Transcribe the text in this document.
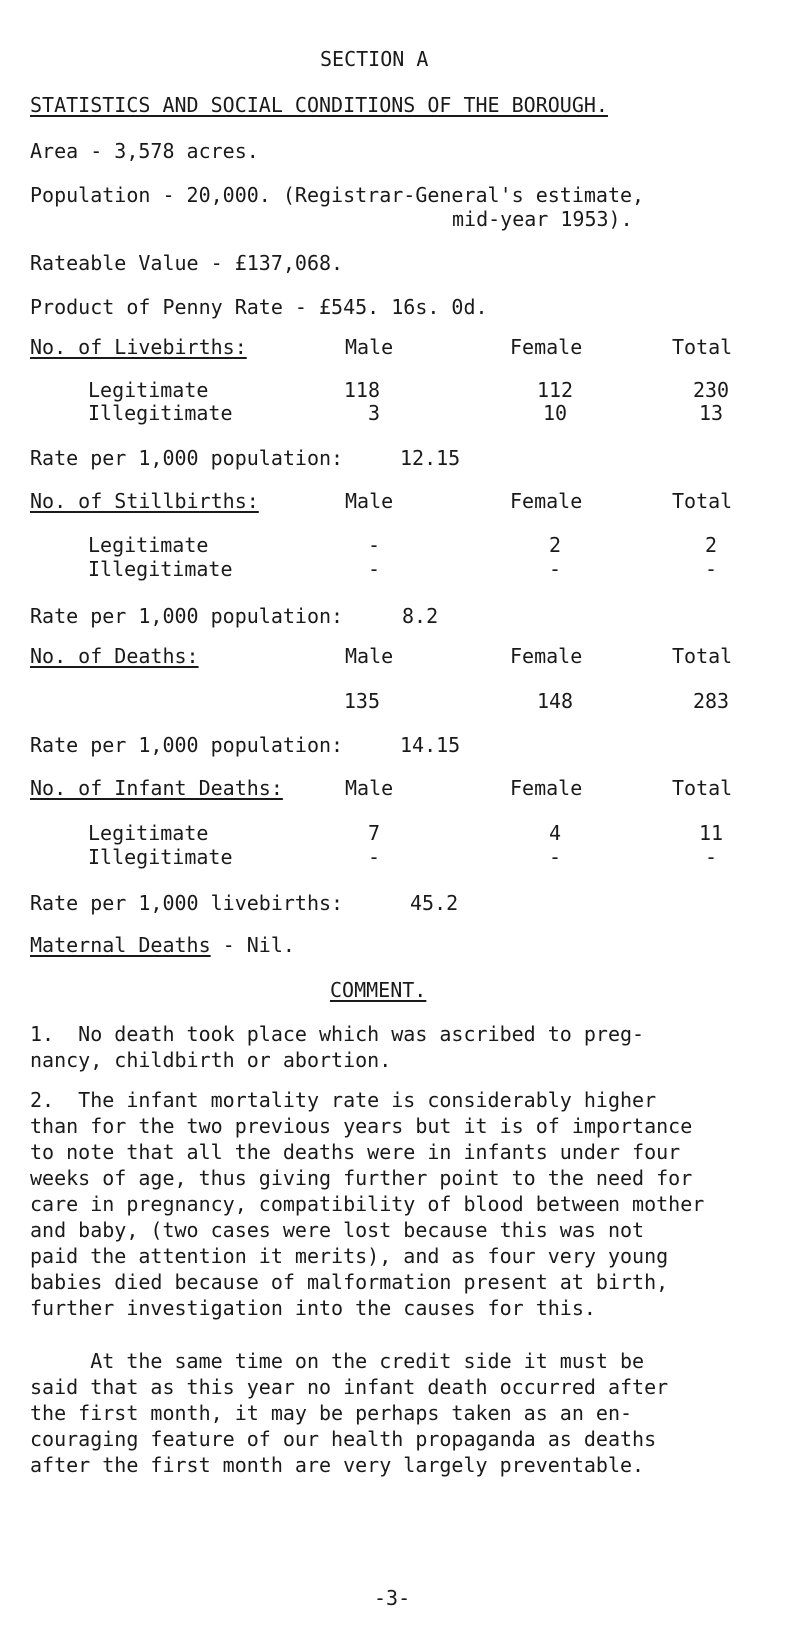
SECTION A
STATISTICS AND SOCIAL CONDITIONS OF THE BOROUGH.
Area - 3,578 acres.
Population - 20,000. (Registrar-General's estimate,
mid-year 1953).
Rateable Value - £137,068.
Product of Penny Rate - £545. 16s. 0d.
No. of Livebirths:	Male	Female	Total
Legitimate	118	112	230
Illegitimate	3	10	13
Rate per 1,000 population:	12.15
No. of Stillbirths:	Male	Female	Total
Legitimate	-	2	2
Illegitimate	-	-	-
Rate per 1,000 population:	8.2
No. of Deaths:	Male	Female	Total
135	148	283
Rate per 1,000 population:	14.15
No. of Infant Deaths:	Male	Female	Total
Legitimate	7	4	11
Illegitimate	-	-	-
Rate per 1,000 livebirths:	45.2
Maternal Deaths - Nil.
COMMENT.
1.  No death took place which was ascribed to preg-
nancy, childbirth or abortion.
2.  The infant mortality rate is considerably higher
than for the two previous years but it is of importance
to note that all the deaths were in infants under four
weeks of age, thus giving further point to the need for
care in pregnancy, compatibility of blood between mother
and baby, (two cases were lost because this was not
paid the attention it merits), and as four very young
babies died because of malformation present at birth,
further investigation into the causes for this.
At the same time on the credit side it must be
said that as this year no infant death occurred after
the first month, it may be perhaps taken as an en-
couraging feature of our health propaganda as deaths
after the first month are very largely preventable.
-3-
